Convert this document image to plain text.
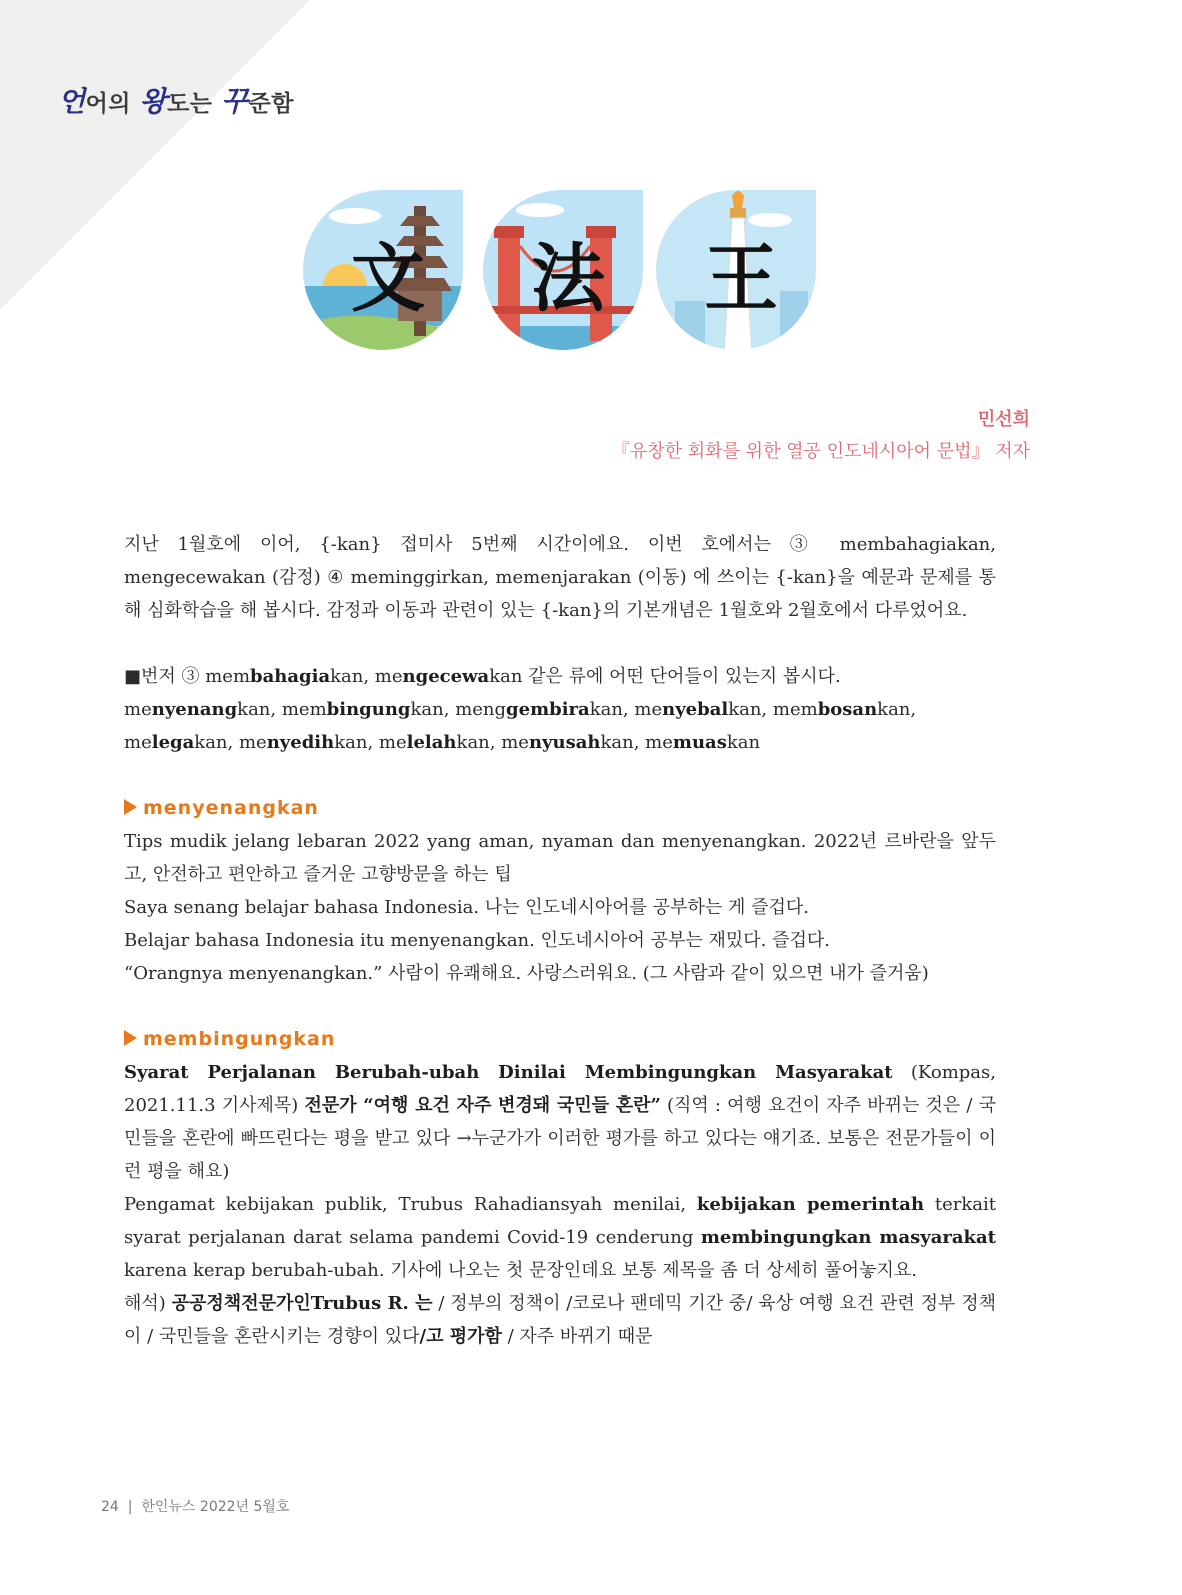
언어의 왕도는 꾸준함
文 法 王
민선희
『유창한 회화를 위한 열공 인도네시아어 문법』 저자

지난 1월호에 이어, {-kan} 접미사 5번째 시간이에요. 이번 호에서는 ③ membahagiakan, mengecewakan (감정) ④ meminggirkan, memenjarakan (이동) 에 쓰이는 {-kan}을 예문과 문제를 통해 심화학습을 해 봅시다. 감정과 이동과 관련이 있는 {-kan}의 기본개념은 1월호와 2월호에서 다루었어요.

■번저 ③ membahagiakan, mengecewakan 같은 류에 어떤 단어들이 있는지 봅시다.

menyenangkan, membingungkan, menggembirakan, menyebalkan, membosankan,
melegakan, menyedihkan, melelahkan, menyusahkan, memuaskan

menyenangkan

Tips mudik jelang lebaran 2022 yang aman, nyaman dan menyenangkan. 2022년 르바란을 앞두고, 안전하고 편안하고 즐거운 고향방문을 하는 팁

Saya senang belajar bahasa Indonesia. 나는 인도네시아어를 공부하는 게 즐겁다.

Belajar bahasa Indonesia itu menyenangkan. 인도네시아어 공부는 재밌다. 즐겁다.

“Orangnya menyenangkan.” 사람이 유쾌해요. 사랑스러워요. (그 사람과 같이 있으면 내가 즐거움)

membingungkan

Syarat Perjalanan Berubah-ubah Dinilai Membingungkan Masyarakat (Kompas, 2021.11.3 기사제목) 전문가 “여행 요건 자주 변경돼 국민들 혼란” (직역 : 여행 요건이 자주 바뀌는 것은 / 국민들을 혼란에 빠뜨린다는 평을 받고 있다 →누군가가 이러한 평가를 하고 있다는 얘기죠. 보통은 전문가들이 이런 평을 해요)

Pengamat kebijakan publik, Trubus Rahadiansyah menilai, kebijakan pemerintah terkait syarat perjalanan darat selama pandemi Covid-19 cenderung membingungkan masyarakat karena kerap berubah-ubah. 기사에 나오는 첫 문장인데요 보통 제목을 좀 더 상세히 풀어놓지요.

해석) 공공정책전문가인Trubus R. 는 / 정부의 정책이 /코로나 팬데믹 기간 중/ 육상 여행 요건 관련 정부 정책이 / 국민들을 혼란시키는 경향이 있다/고 평가함 / 자주 바뀌기 때문

24 | 한인뉴스 2022년 5월호
